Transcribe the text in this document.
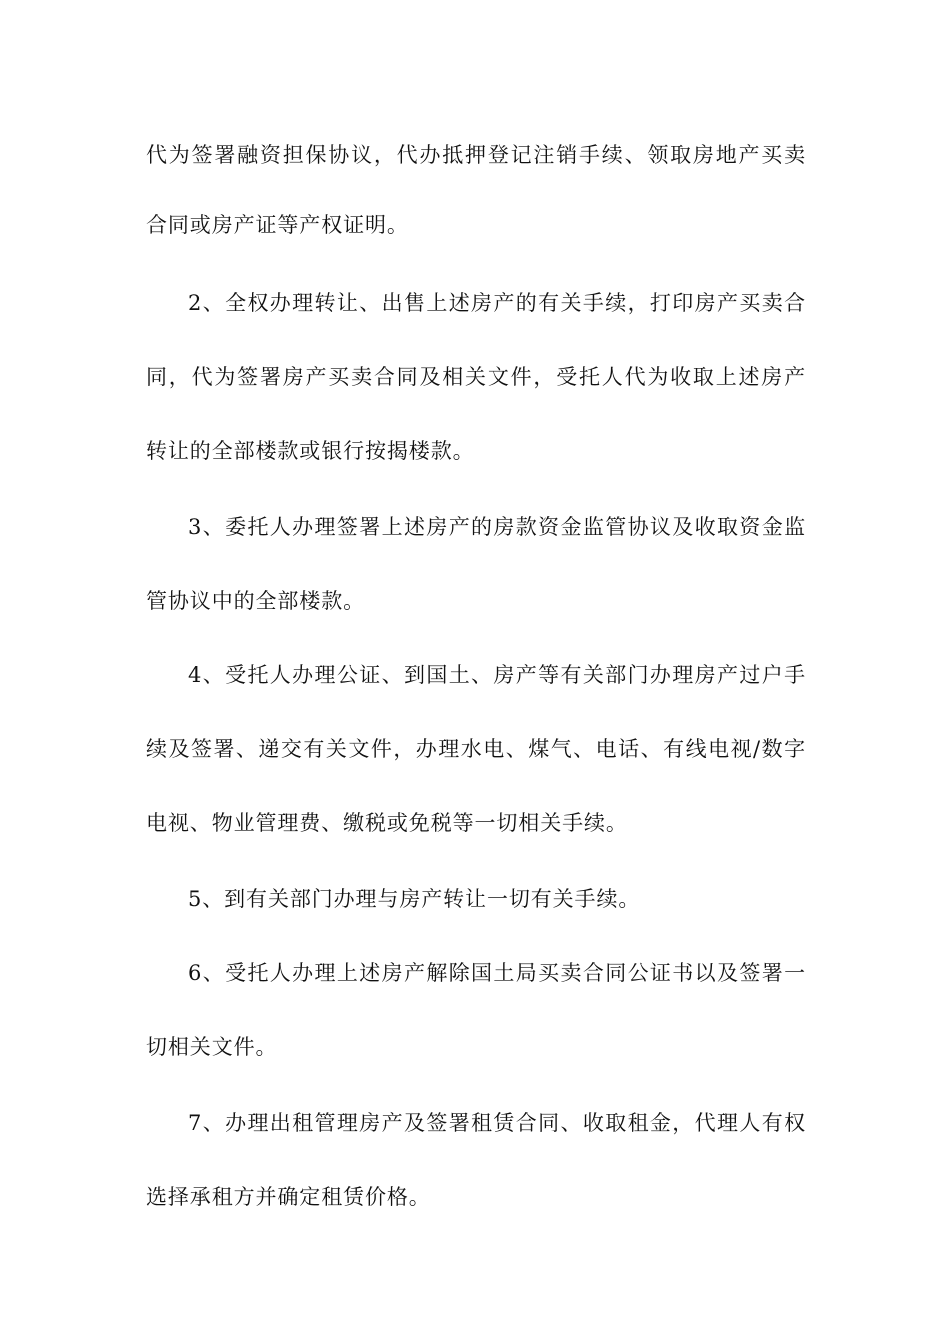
代为签署融资担保协议，代办抵押登记注销手续、领取房地产买卖
合同或房产证等产权证明。
2、全权办理转让、出售上述房产的有关手续，打印房产买卖合
同，代为签署房产买卖合同及相关文件，受托人代为收取上述房产
转让的全部楼款或银行按揭楼款。
3、委托人办理签署上述房产的房款资金监管协议及收取资金监
管协议中的全部楼款。
4、受托人办理公证、到国土、房产等有关部门办理房产过户手
续及签署、递交有关文件，办理水电、煤气、电话、有线电视/数字
电视、物业管理费、缴税或免税等一切相关手续。
5、到有关部门办理与房产转让一切有关手续。
6、受托人办理上述房产解除国土局买卖合同公证书以及签署一
切相关文件。
7、办理出租管理房产及签署租赁合同、收取租金，代理人有权
选择承租方并确定租赁价格。
